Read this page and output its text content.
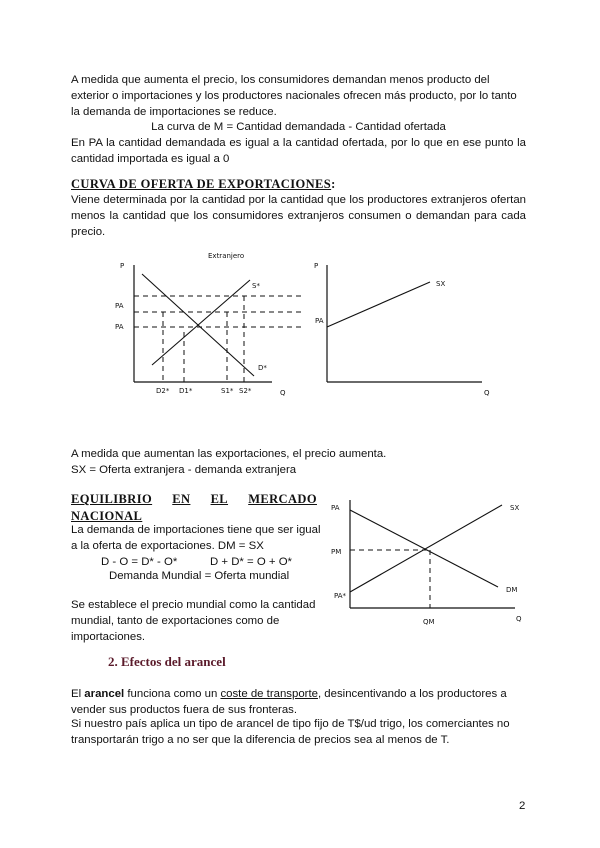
A medida que aumenta el precio, los consumidores demandan menos producto del exterior o importaciones y los productores nacionales ofrecen más producto, por lo tanto la demanda de importaciones se reduce.

La curva de M = Cantidad demandada - Cantidad ofertada

En PA la cantidad demandada es igual a la cantidad ofertada, por lo que en ese punto la cantidad importada es igual a 0

CURVA DE OFERTA DE EXPORTACIONES:

Viene determinada por la cantidad por la cantidad que los productores extranjeros ofertan menos la cantidad que los consumidores extranjeros consumen o demandan para cada precio.

Extranjero
P
Q
S*
D*
PA
PA
D2* D1*	S1* S2*
P
Q
SX
PA

A medida que aumentan las exportaciones, el precio aumenta.

SX = Oferta extranjera - demanda extranjera

EQUILIBRIO EN EL MERCADO
NACIONAL

La demanda de importaciones tiene que ser igual a la oferta de exportaciones. DM = SX

D - O = D* - O*	D + D* = O + O*

Demanda Mundial = Oferta mundial

Se establece el precio mundial como la cantidad mundial, tanto de exportaciones como de importaciones.

PA
Q
DM
SX
PM
PA*
QM

2. Efectos del arancel

El arancel funciona como un coste de transporte, desincentivando a los productores a vender sus productos fuera de sus fronteras.

Si nuestro país aplica un tipo de arancel de tipo fijo de T$/ud trigo, los comerciantes no transportarán trigo a no ser que la diferencia de precios sea al menos de T.

2
